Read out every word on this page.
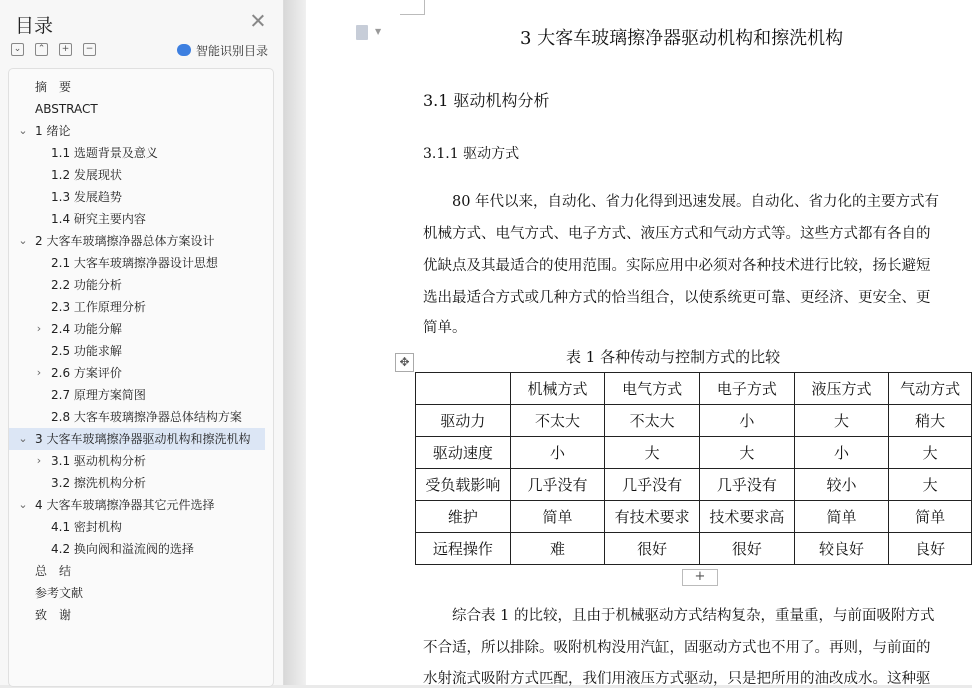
目录
⌄	⌃	+	−	智能识别目录
摘　要
ABSTRACT
⌄ 1 绪论
1.1 选题背景及意义
1.2 发展现状
1.3 发展趋势
1.4 研究主要内容
⌄ 2 大客车玻璃擦净器总体方案设计
2.1 大客车玻璃擦净器设计思想
2.2 功能分析
2.3 工作原理分析
› 2.4 功能分解
2.5 功能求解
› 2.6 方案评价
2.7 原理方案简图
2.8 大客车玻璃擦净器总体结构方案
⌄ 3 大客车玻璃擦净器驱动机构和擦洗机构
› 3.1 驱动机构分析
3.2 擦洗机构分析
⌄ 4 大客车玻璃擦净器其它元件选择
4.1 密封机构
4.2 换向阀和溢流阀的选择
总　结
参考文献
致　谢
▼	3 大客车玻璃擦净器驱动机构和擦洗机构
3.1 驱动机构分析
3.1.1 驱动方式
　　80 年代以来，自动化、省力化得到迅速发展。自动化、省力化的主要方式有
机械方式、电气方式、电子方式、液压方式和气动方式等。这些方式都有各自的
优缺点及其最适合的使用范围。实际应用中必须对各种技术进行比较，扬长避短
选出最适合方式或几种方式的恰当组合，以使系统更可靠、更经济、更安全、更
简单。
表 1 各种传动与控制方式的比较
✥
	机械方式	电气方式	电子方式	液压方式	气动方式
驱动力	不太大	不太大	小	大	稍大
驱动速度	小	大	大	小	大
受负载影响	几乎没有	几乎没有	几乎没有	较小	大
维护	简单	有技术要求	技术要求高	简单	简单
远程操作	难	很好	很好	较良好	良好
+
　　综合表 1 的比较，且由于机械驱动方式结构复杂，重量重，与前面吸附方式
不合适，所以排除。吸附机构没用汽缸，固驱动方式也不用了。再则，与前面的
水射流式吸附方式匹配，我们用液压方式驱动，只是把所用的油改成水。这种驱
